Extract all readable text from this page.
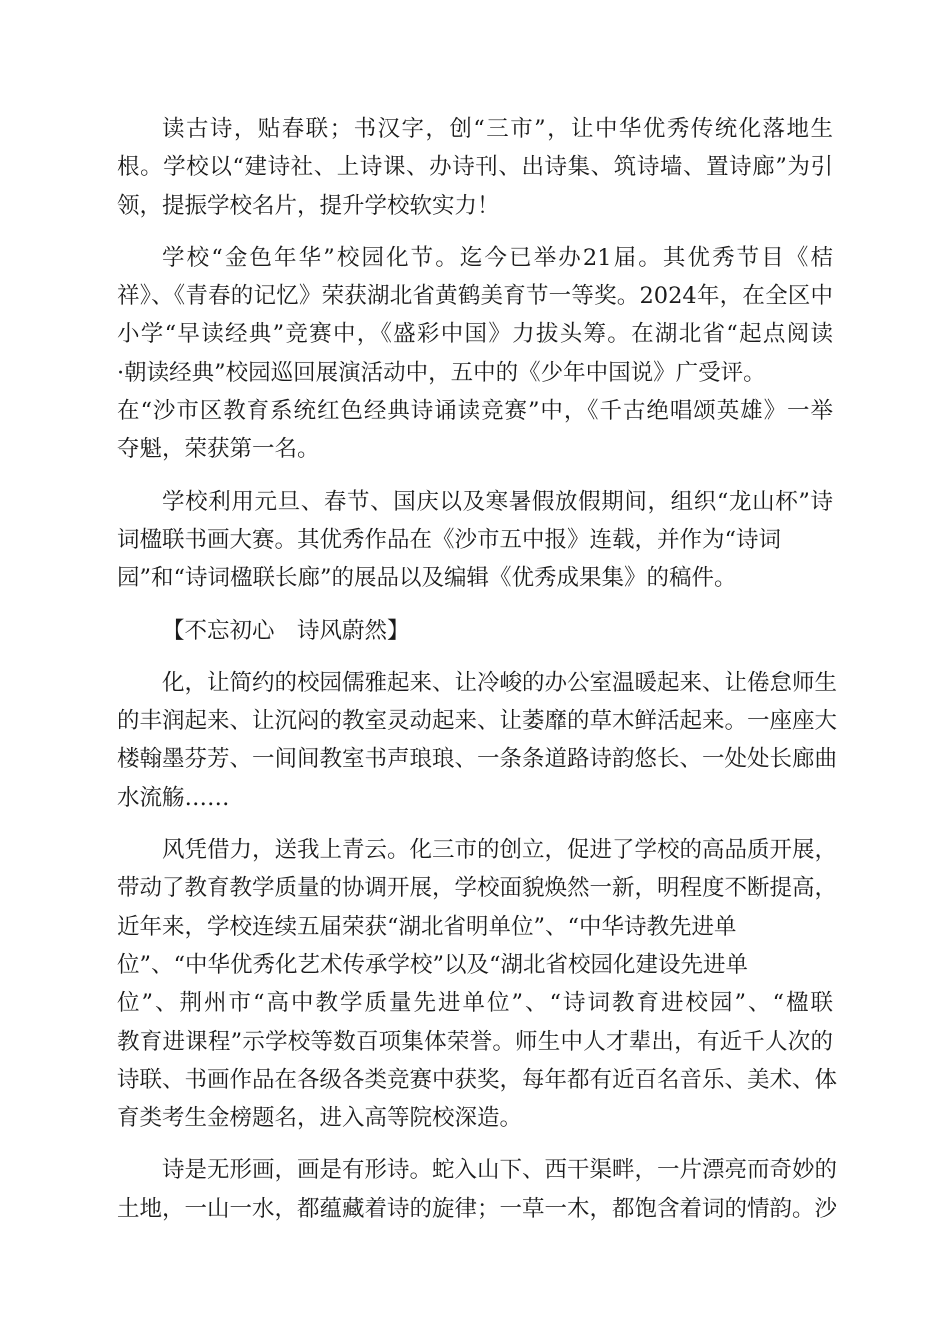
读古诗，贴春联；书汉字，创“三市”，让中华优秀传统化落地生
根。学校以“建诗社、上诗课、办诗刊、出诗集、筑诗墙、置诗廊”为引
领，提振学校名片，提升学校软实力！

学校“金色年华”校园化节。迄今已举办21届。其优秀节目《桔
祥》、《青春的记忆》荣获湖北省黄鹤美育节一等奖。2024年，在全区中
小学“早读经典”竞赛中，《盛彩中国》力拔头筹。在湖北省“起点阅读
·朝读经典”校园巡回展演活动中，五中的《少年中国说》广受评。
在“沙市区教育系统红色经典诗诵读竞赛”中，《千古绝唱颂英雄》一举
夺魁，荣获第一名。

学校利用元旦、春节、国庆以及寒暑假放假期间，组织“龙山杯”诗
词楹联书画大赛。其优秀作品在《沙市五中报》连载，并作为“诗词
园”和“诗词楹联长廊”的展品以及编辑《优秀成果集》的稿件。

【不忘初心　诗风蔚然】

化，让简约的校园儒雅起来、让冷峻的办公室温暖起来、让倦怠师生
的丰润起来、让沉闷的教室灵动起来、让萎靡的草木鲜活起来。一座座大
楼翰墨芬芳、一间间教室书声琅琅、一条条道路诗韵悠长、一处处长廊曲
水流觞……

风凭借力，送我上青云。化三市的创立，促进了学校的高品质开展，
带动了教育教学质量的协调开展，学校面貌焕然一新，明程度不断提高，
近年来，学校连续五届荣获“湖北省明单位”、“中华诗教先进单
位”、“中华优秀化艺术传承学校”以及“湖北省校园化建设先进单
位”、荆州市“高中教学质量先进单位”、“诗词教育进校园”、“楹联
教育进课程”示学校等数百项集体荣誉。师生中人才辈出，有近千人次的
诗联、书画作品在各级各类竞赛中获奖，每年都有近百名音乐、美术、体
育类考生金榜题名，进入高等院校深造。

诗是无形画，画是有形诗。蛇入山下、西干渠畔，一片漂亮而奇妙的
土地，一山一水，都蕴藏着诗的旋律；一草一木，都饱含着词的情韵。沙
